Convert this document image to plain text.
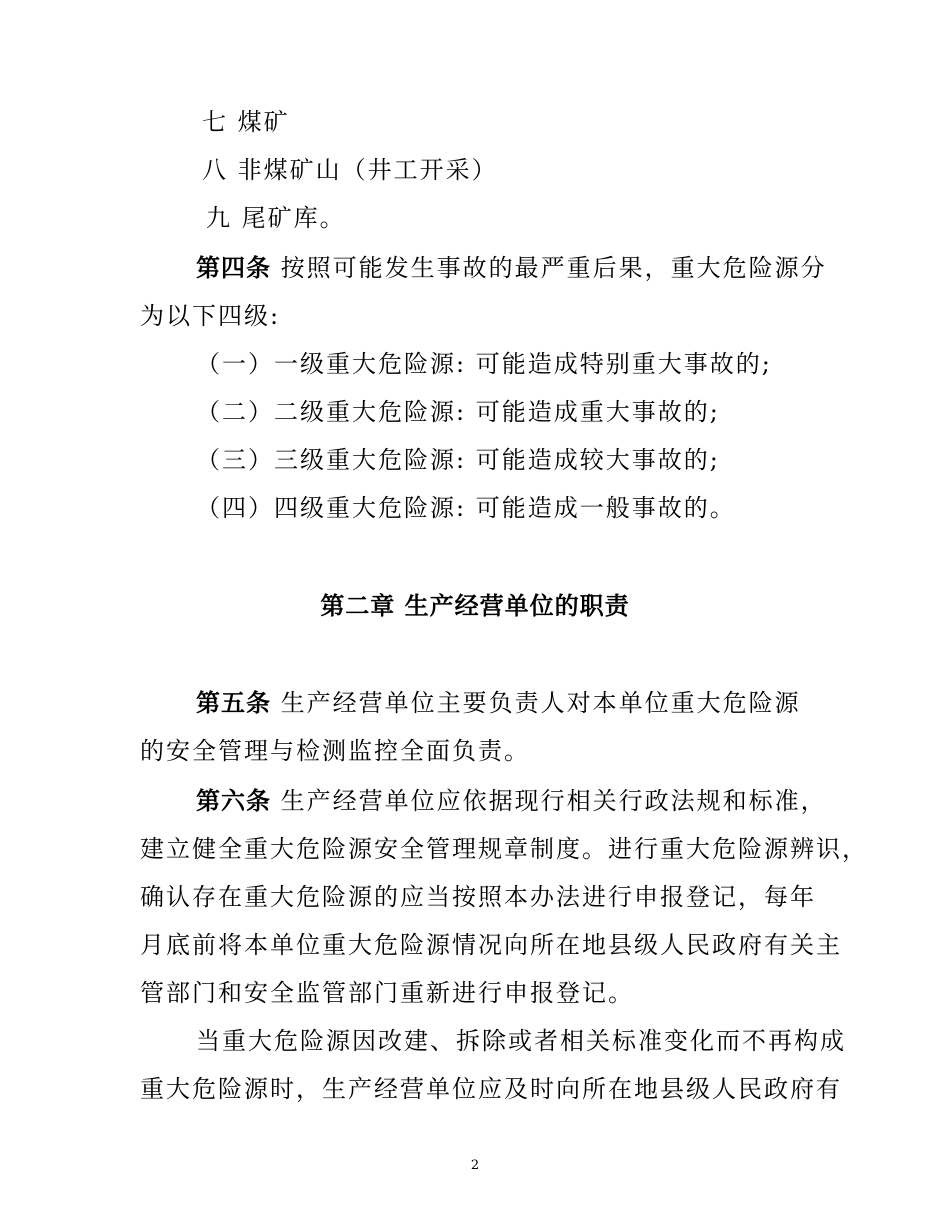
七 煤矿
八 非煤矿山（井工开采）
九 尾矿库。
第四条 按照可能发生事故的最严重后果，重大危险源分
为以下四级:
（一）一级重大危险源: 可能造成特别重大事故的;
（二）二级重大危险源: 可能造成重大事故的;
（三）三级重大危险源: 可能造成较大事故的;
（四）四级重大危险源: 可能造成一般事故的。
第二章 生产经营单位的职责
第五条 生产经营单位主要负责人对本单位重大危险源
的安全管理与检测监控全面负责。
第六条 生产经营单位应依据现行相关行政法规和标准，
建立健全重大危险源安全管理规章制度。进行重大危险源辨识，
确认存在重大危险源的应当按照本办法进行申报登记，每年
月底前将本单位重大危险源情况向所在地县级人民政府有关主
管部门和安全监管部门重新进行申报登记。
当重大危险源因改建、拆除或者相关标准变化而不再构成
重大危险源时，生产经营单位应及时向所在地县级人民政府有
2
